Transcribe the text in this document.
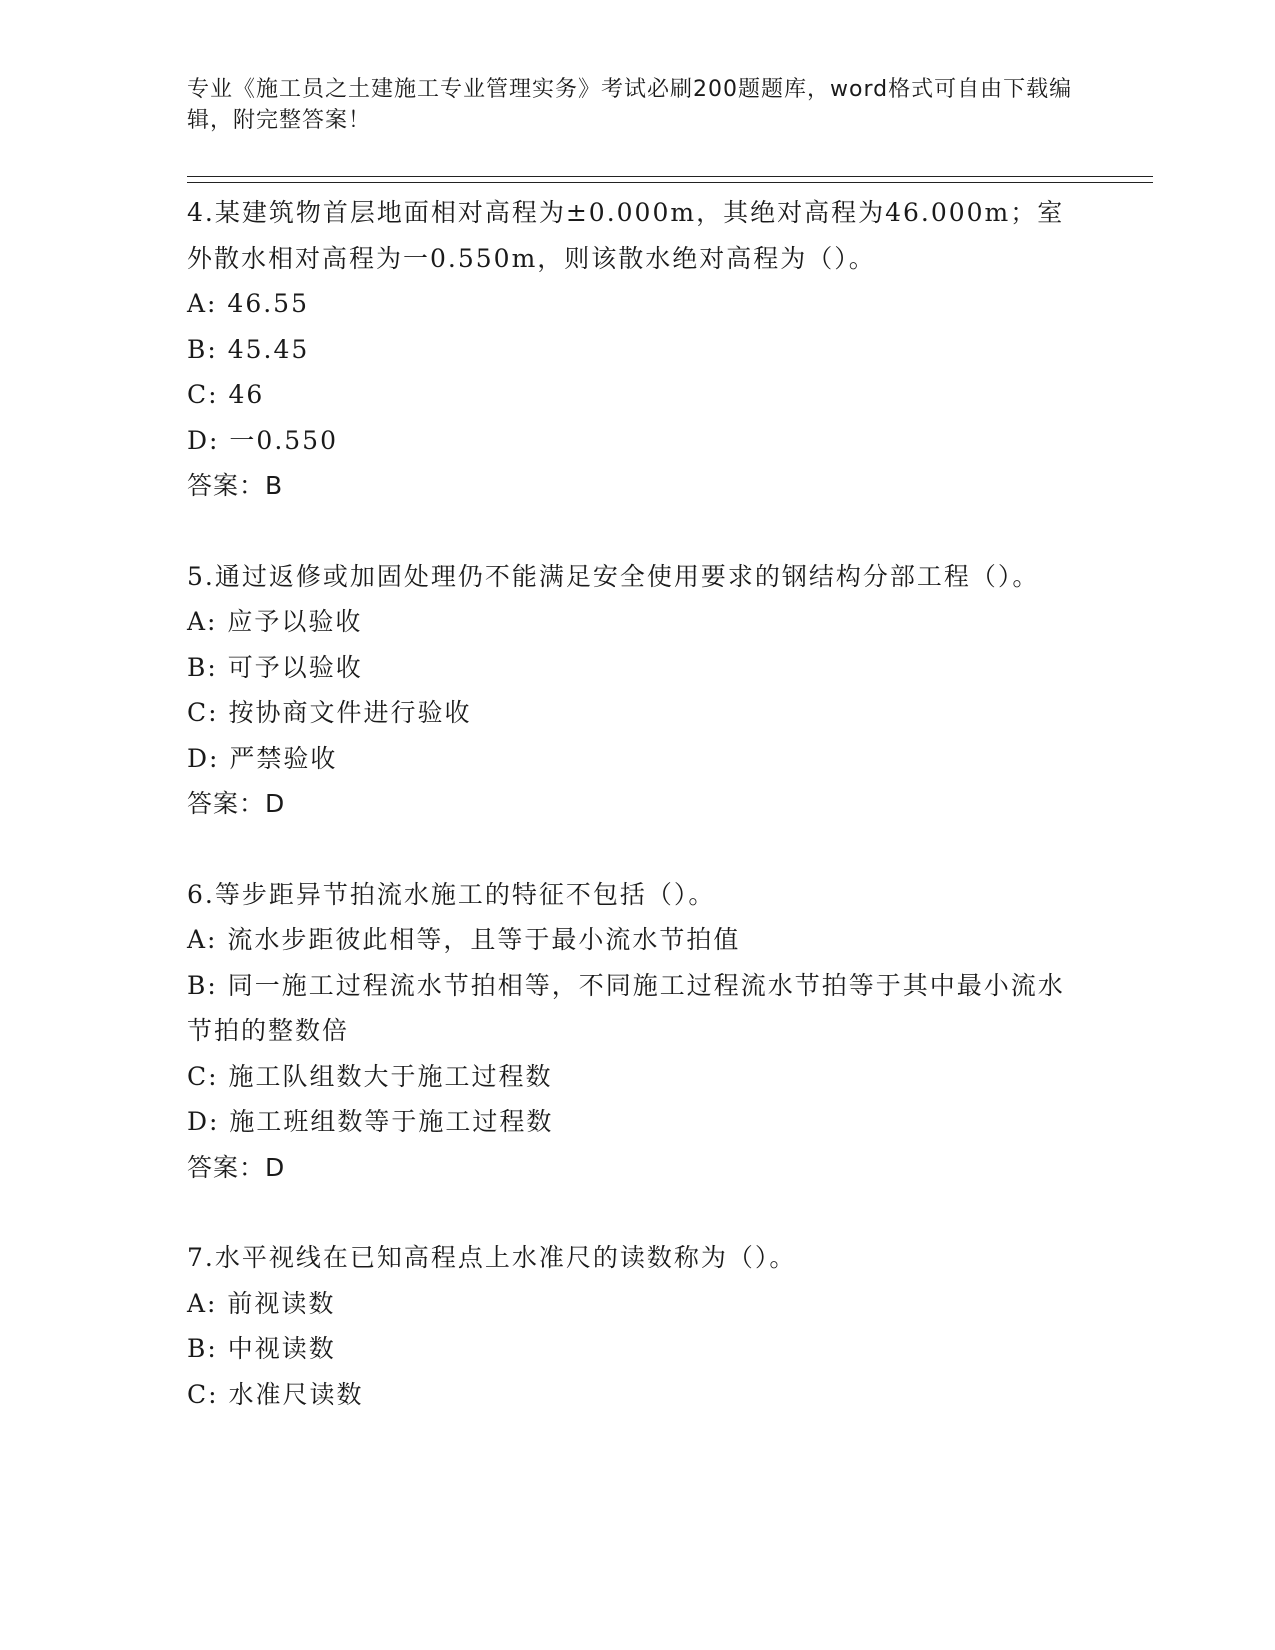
专业《施工员之土建施工专业管理实务》考试必刷200题题库，word格式可自由下载编辑，附完整答案！
4.某建筑物首层地面相对高程为±0.000m，其绝对高程为46.000m；室外散水相对高程为一0.550m，则该散水绝对高程为（）。
A: 46.55
B: 45.45
C: 46
D: 一0.550
答案：B
5.通过返修或加固处理仍不能满足安全使用要求的钢结构分部工程（）。
A: 应予以验收
B: 可予以验收
C: 按协商文件进行验收
D: 严禁验收
答案：D
6.等步距异节拍流水施工的特征不包括（）。
A: 流水步距彼此相等，且等于最小流水节拍值
B: 同一施工过程流水节拍相等，不同施工过程流水节拍等于其中最小流水节拍的整数倍
C: 施工队组数大于施工过程数
D: 施工班组数等于施工过程数
答案：D
7.水平视线在已知高程点上水准尺的读数称为（）。
A: 前视读数
B: 中视读数
C: 水准尺读数
